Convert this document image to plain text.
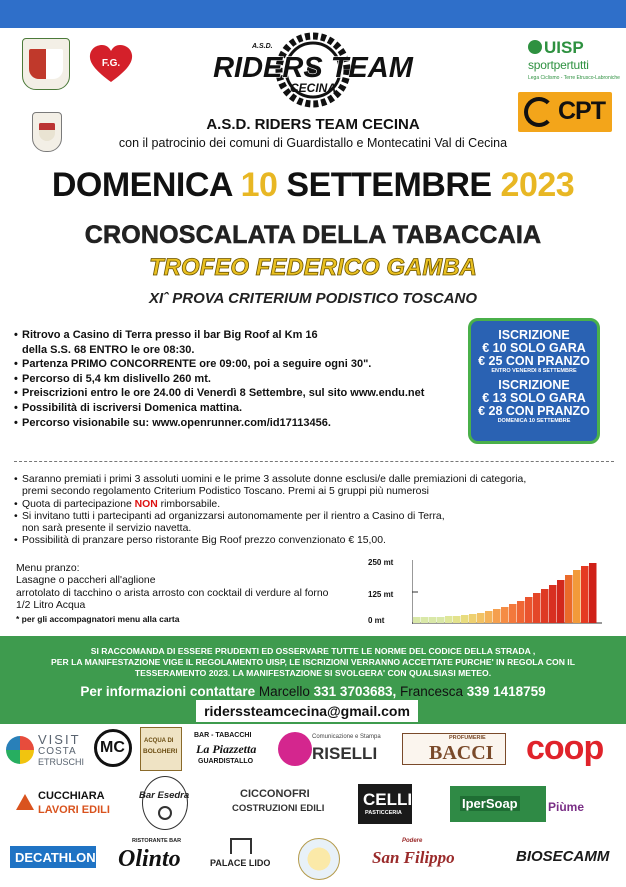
F.G.
A.S.D.
RIDERS TEAM
CECINA
UISP
sportpertutti
Lega Ciclismo - Terre Etrusco-Labroniche
CPT
A.S.D. RIDERS TEAM CECINA
con il patrocinio dei comuni di Guardistallo e Montecatini Val di Cecina
DOMENICA 10 SETTEMBRE 2023
CRONOSCALATA DELLA TABACCAIA
TROFEO FEDERICO GAMBA
XIˆ PROVA CRITERIUM PODISTICO TOSCANO
• Ritrovo a Casino di Terra presso il bar Big Roof al Km 16
della S.S. 68 ENTRO le ore 08:30.
• Partenza PRIMO CONCORRENTE ore 09:00, poi a seguire ogni 30".
• Percorso di 5,4 km dislivello 260 mt.
• Preiscrizioni entro le ore 24.00 di Venerdì 8 Settembre, sul sito www.endu.net
• Possibilità di iscriversi Domenica mattina.
• Percorso visionabile su: www.openrunner.com/id17113456.
ISCRIZIONE
€ 10 SOLO GARA
€ 25 CON PRANZO
ENTRO VENERDI 8 SETTEMBRE
ISCRIZIONE
€ 13 SOLO GARA
€ 28 CON PRANZO
DOMENICA 10 SETTEMBRE
• Saranno premiati i primi 3 assoluti uomini e le prime 3 assolute donne esclusi/e dalle premiazioni di categoria,
premi secondo regolamento Criterium Podistico Toscano. Premi ai 5 gruppi più numerosi
• Quota di partecipazione NON rimborsabile.
• Si invitano tutti i partecipanti ad organizzarsi autonomamente per il rientro a Casino di Terra,
non sarà presente il servizio navetta.
• Possibilità di pranzare perso ristorante Big Roof prezzo convenzionato € 15,00.
Menu pranzo:
Lasagne o paccheri all'aglione
arrotolato di tacchino o arista arrosto con cocktail di verdure al forno
1/2 Litro Acqua
* per gli accompagnatori menu alla carta
250 mt
125 mt
0 mt
SI RACCOMANDA DI ESSERE PRUDENTI ED OSSERVARE TUTTE LE NORME DEL CODICE DELLA STRADA ,
PER LA MANIFESTAZIONE VIGE IL REGOLAMENTO UISP, LE ISCRIZIONI VERRANNO ACCETTATE PURCHE' IN REGOLA CON IL
TESSERAMENTO 2023. LA MANIFESTAZIONE SI SVOLGERA' CON QUALSIASI METEO.
Per informazioni contattare Marcello 331 3703683, Francesca 339 1418759
riderssteamcecina@gmail.com
VISIT
COSTA
ETRUSCHI
MC	ACQUA DI
BOLGHERI
BAR - TABACCHI
La Piazzetta
GUARDISTALLO
Comunicazione e Stampa
RISELLI
PROFUMERIE
BACCI coop
CUCCHIARA
LAVORI EDILI
Bar Esedra	CICCONOFRI
COSTRUZIONI EDILI CELLI
PASTICCERIA
IperSoap	Piùme
DECATHLON
RISTORANTE BAR
Olinto	PALACE LIDO
Podere
San Filippo	BIOSECAMM
